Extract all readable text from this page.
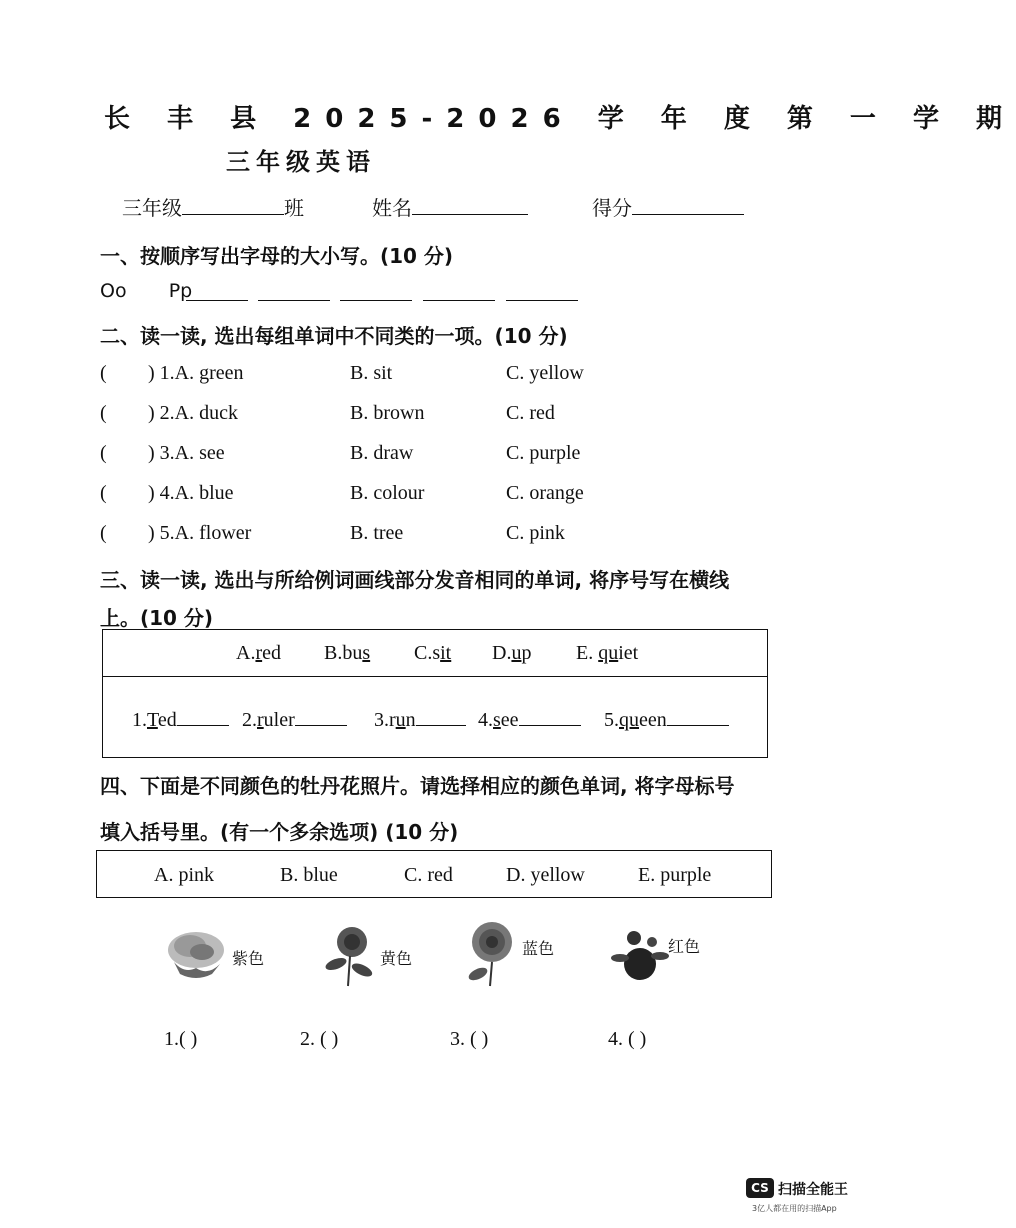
长 丰 县 2025-2026 学 年 度 第 一 学 期
三年级英语
三年级	班	姓名	得分
一、按顺序写出字母的大小写。(10 分)
Oo Pp
二、读一读, 选出每组单词中不同类的一项。(10 分)
( ) 1.A. green	B. sit	C. yellow
( ) 2.A. duck	B. brown	C. red
( ) 3.A. see	B. draw	C. purple
( ) 4.A. blue	B. colour	C. orange
( ) 5.A. flower	B. tree	C. pink
三、读一读, 选出与所给例词画线部分发音相同的单词, 将序号写在横线
上。(10 分)
A.red B.bus C.sit D.up E. quiet
1.Ted	2.ruler	3.run	4.see	5.queen
四、下面是不同颜色的牡丹花照片。请选择相应的颜色单词, 将字母标号
填入括号里。(有一个多余选项) (10 分)
A. pink	B. blue	C. red	D. yellow	E. purple
紫色	黄色
蓝色	红色
1.( )	2. ( )	3. ( )	4. ( )
CS 扫描全能王
3亿人都在用的扫描App
